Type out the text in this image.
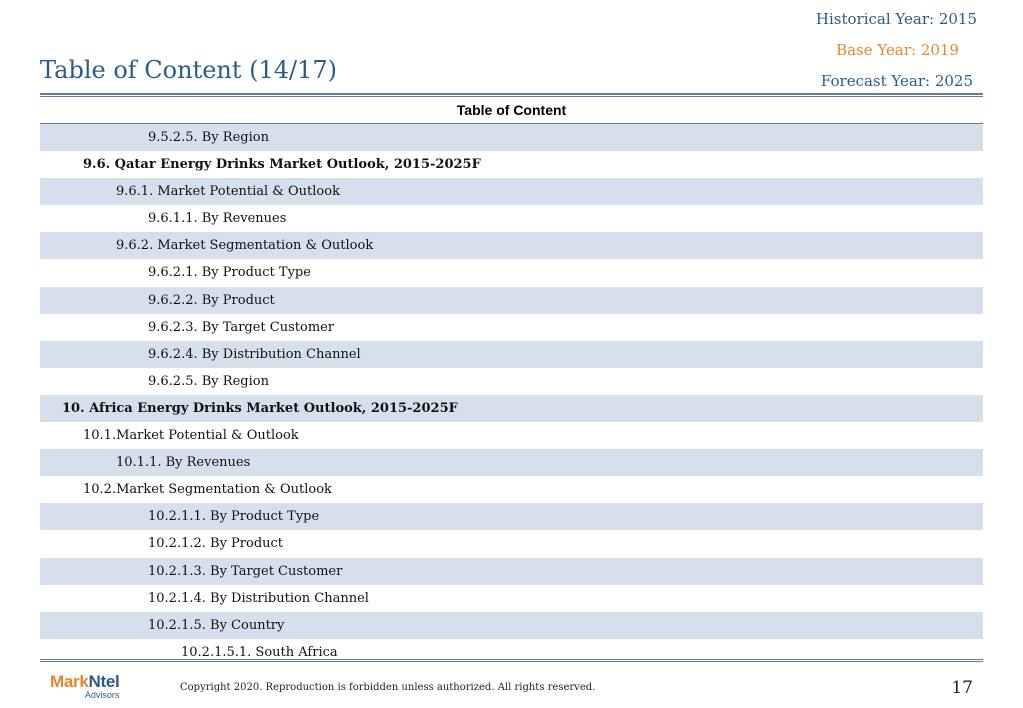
Historical Year: 2015
Base Year: 2019
Forecast Year: 2025
Table of Content (14/17)
Table of Content
9.5.2.5. By Region
9.6. Qatar Energy Drinks Market Outlook, 2015-2025F
9.6.1. Market Potential & Outlook
9.6.1.1. By Revenues
9.6.2. Market Segmentation & Outlook
9.6.2.1. By Product Type
9.6.2.2. By Product
9.6.2.3. By Target Customer
9.6.2.4. By Distribution Channel
9.6.2.5. By Region
10. Africa Energy Drinks Market Outlook, 2015-2025F
10.1.Market Potential & Outlook
10.1.1. By Revenues
10.2.Market Segmentation & Outlook
10.2.1.1. By Product Type
10.2.1.2. By Product
10.2.1.3. By Target Customer
10.2.1.4. By Distribution Channel
10.2.1.5. By Country
10.2.1.5.1. South Africa
MarkNtel
Advisors
Copyright 2020. Reproduction is forbidden unless authorized. All rights reserved.	17
